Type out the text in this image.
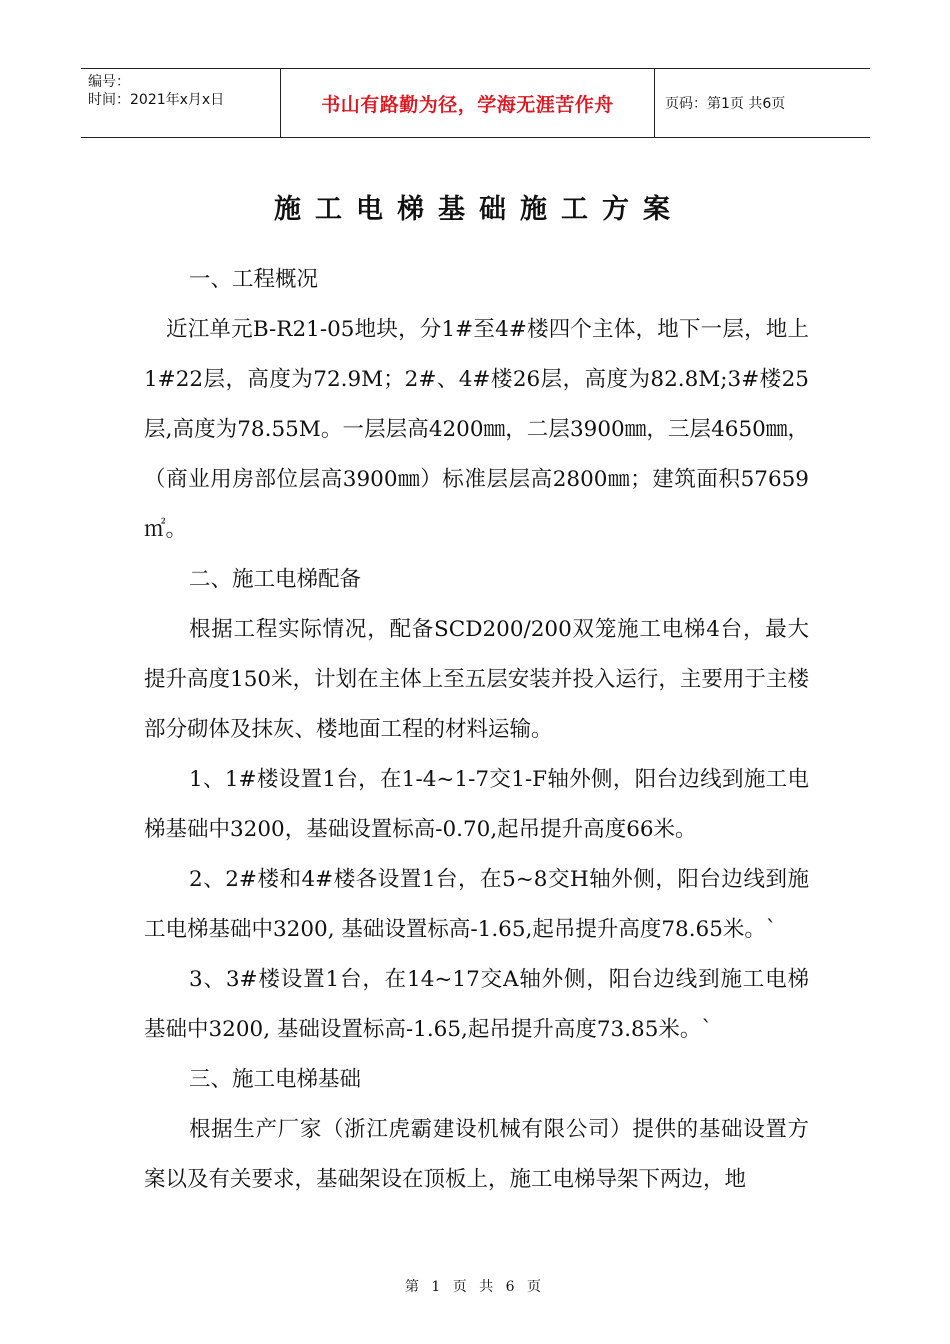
编号：
时间：2021年x月x日	书山有路勤为径，学海无涯苦作舟	页码：第1页 共6页
施工电梯基础施工方案

一、工程概况

近江单元B-R21-05地块，分1#至4#楼四个主体，地下一层，地上1#22层，高度为72.9M；2#、4#楼26层，高度为82.8M;3#楼25层,高度为78.55M。一层层高4200㎜，二层3900㎜，三层4650㎜，（商业用房部位层高3900㎜）标准层层高2800㎜；建筑面积57659㎡。

二、施工电梯配备

根据工程实际情况，配备SCD200/200双笼施工电梯4台，最大提升高度150米，计划在主体上至五层安装并投入运行，主要用于主楼部分砌体及抹灰、楼地面工程的材料运输。

1、1#楼设置1台，在1-4~1-7交1-F轴外侧，阳台边线到施工电梯基础中3200，基础设置标高-0.70,起吊提升高度66米。

2、2#楼和4#楼各设置1台，在5~8交H轴外侧，阳台边线到施工电梯基础中3200, 基础设置标高-1.65,起吊提升高度78.65米。`

3、3#楼设置1台，在14~17交A轴外侧，阳台边线到施工电梯基础中3200, 基础设置标高-1.65,起吊提升高度73.85米。`

三、施工电梯基础

根据生产厂家（浙江虎霸建设机械有限公司）提供的基础设置方案以及有关要求，基础架设在顶板上，施工电梯导架下两边，地

第 1 页 共 6 页
